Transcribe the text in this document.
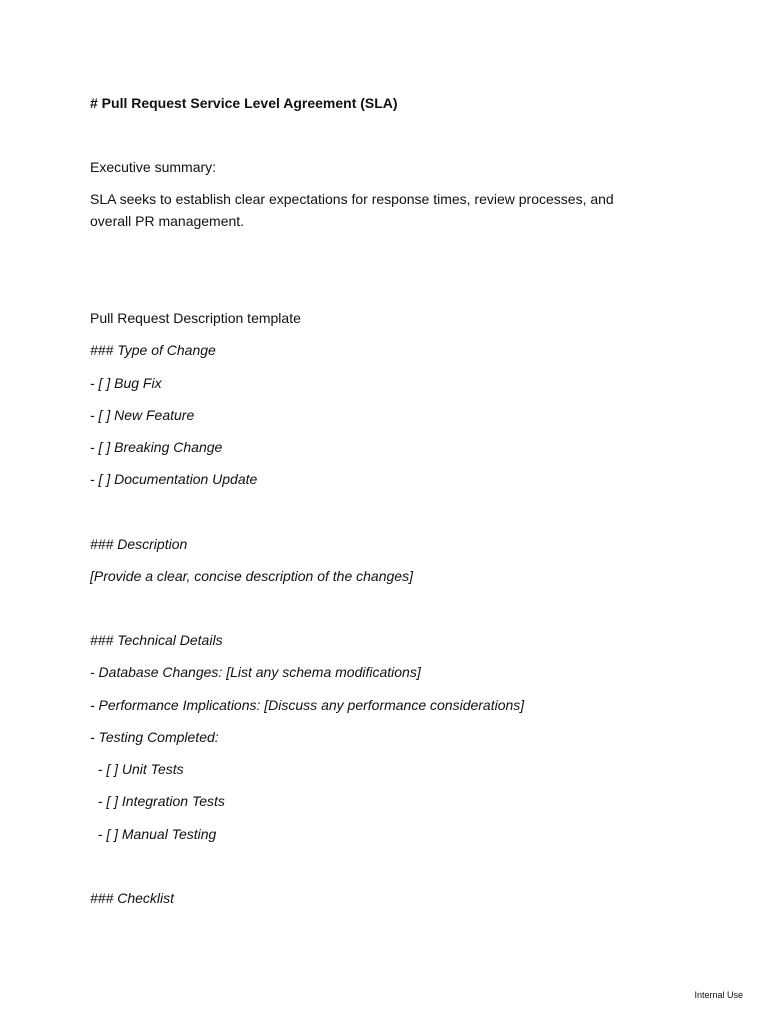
# Pull Request Service Level Agreement (SLA)
Executive summary:
SLA seeks to establish clear expectations for response times, review processes, and overall PR management.
Pull Request Description template
### Type of Change
- [ ] Bug Fix
- [ ] New Feature
- [ ] Breaking Change
- [ ] Documentation Update
### Description
[Provide a clear, concise description of the changes]
### Technical Details
- Database Changes: [List any schema modifications]
- Performance Implications: [Discuss any performance considerations]
- Testing Completed:
- [ ] Unit Tests
- [ ] Integration Tests
- [ ] Manual Testing
### Checklist
Internal Use
